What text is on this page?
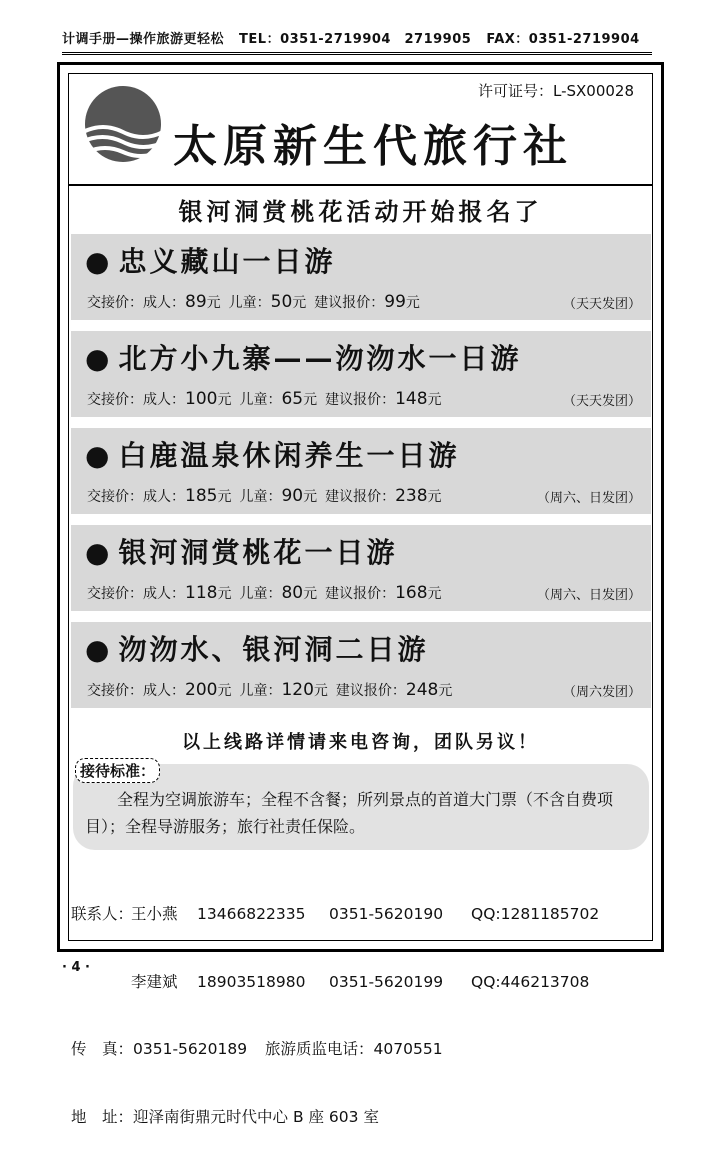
计调手册—操作旅游更轻松 TEL：0351-2719904　2719905 FAX：0351-2719904
许可证号：L-SX00028
太原新生代旅行社
银河洞赏桃花活动开始报名了
● 忠义藏山一日游
交接价：成人：89元 儿童：50元 建议报价：99元	（天天发团）
● 北方小九寨——沕沕水一日游
交接价：成人：100元 儿童：65元 建议报价：148元	（天天发团）
● 白鹿温泉休闲养生一日游
交接价：成人：185元 儿童：90元 建议报价：238元	（周六、日发团）
● 银河洞赏桃花一日游
交接价：成人：118元 儿童：80元 建议报价：168元	（周六、日发团）
● 沕沕水、银河洞二日游
交接价：成人：200元 儿童：120元 建议报价：248元	（周六发团）
以上线路详情请来电咨询，团队另议！
接待标准：
全程为空调旅游车；全程不含餐；所列景点的首道大门票（不含自费项目）；全程导游服务；旅行社责任保险。

联系人：王小燕 13466822335 0351-5620190 QQ:1281185702

李建斌 18903518980 0351-5620199 QQ:446213708

传　真：0351-5620189 旅游质监电话：4070551

地　址：迎泽南街鼎元时代中心 B 座 603 室

· 4 ·
